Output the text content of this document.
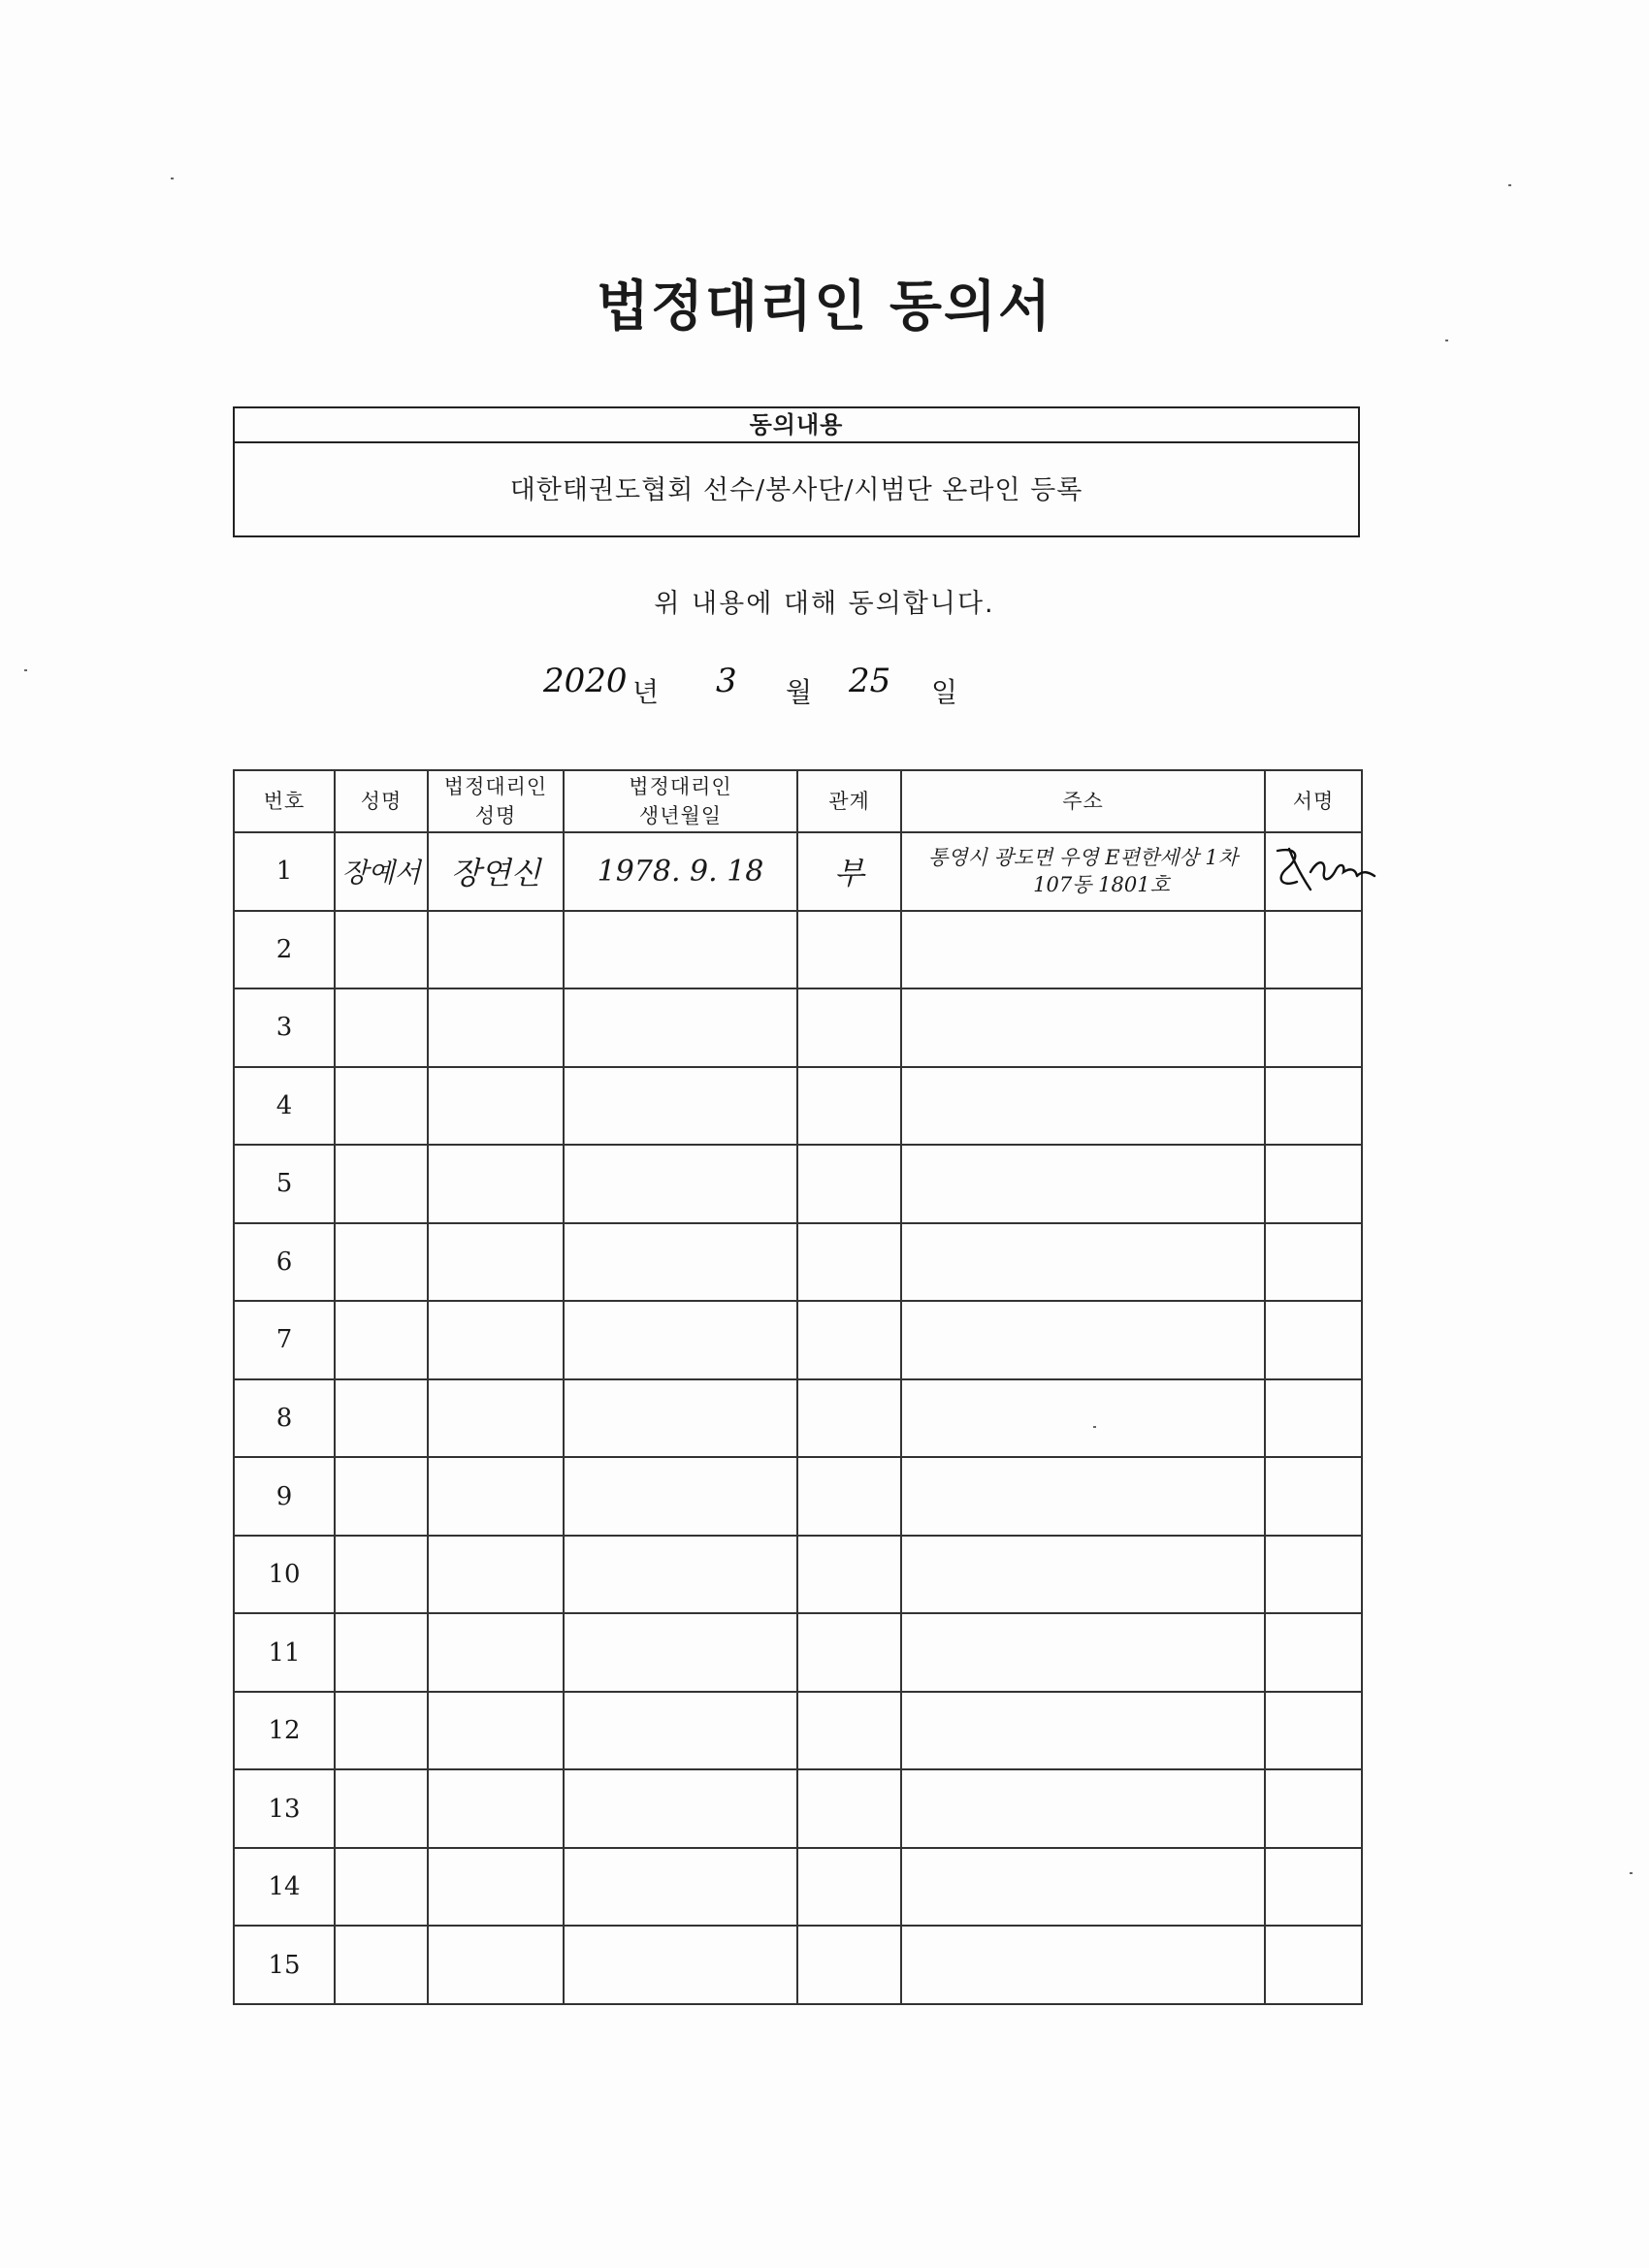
법정대리인 동의서
동의내용
대한태권도협회 선수/봉사단/시범단 온라인 등록
위 내용에 대해 동의합니다.
2020 년 3 월 25 일
번호	성명	법정대리인 성명	법정대리인 생년월일	관계	주소	서명
1	장예서	장연신	1978. 9. 18	부	통영시 광도면 우영 E편한세상 1차
107동 1801호

2					

3					

4					

5					

6					

7					

8					

9					

10					

11					

12					

13					

14					

15					
